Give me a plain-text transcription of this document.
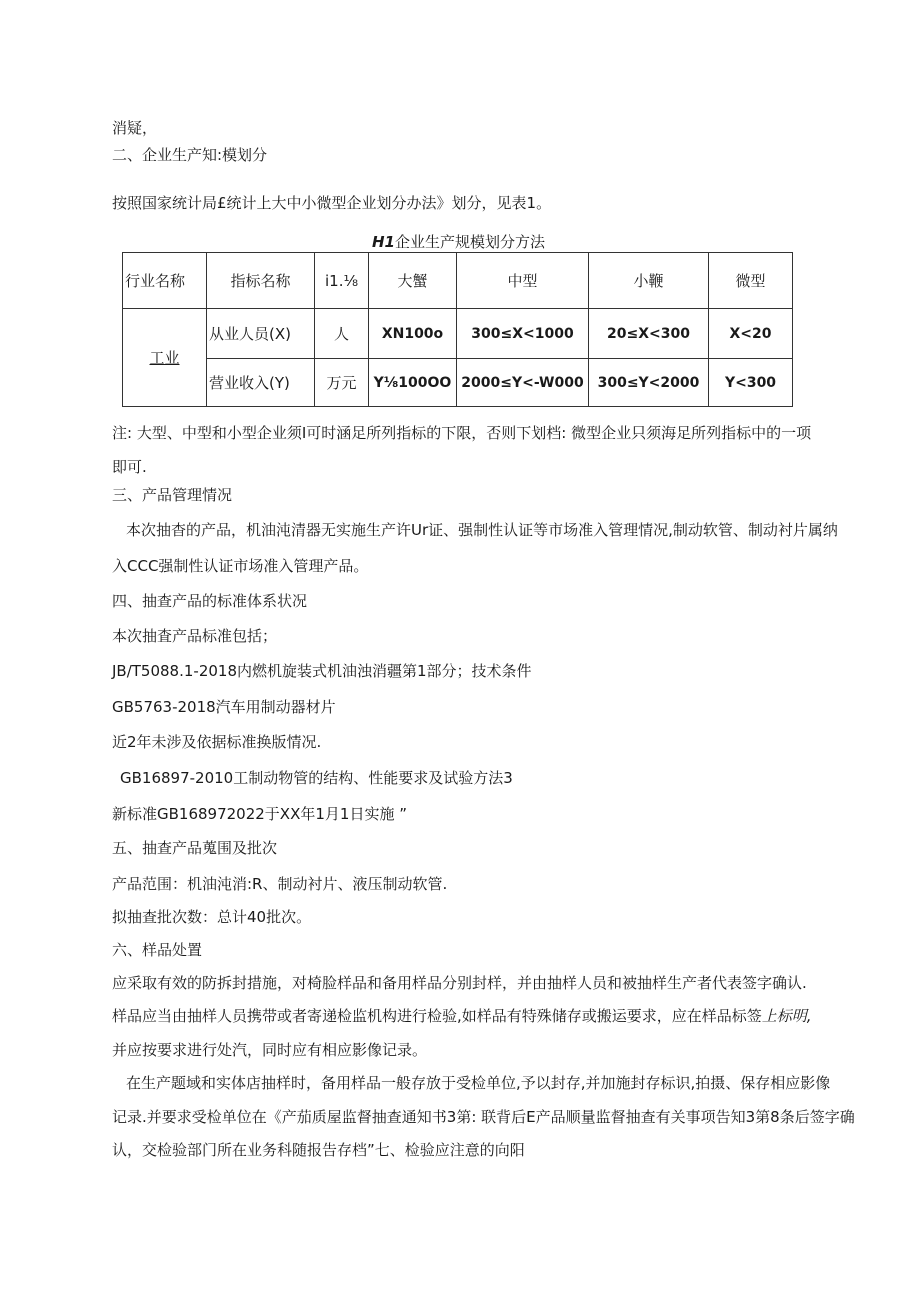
消疑，
二、企业生产知:模划分
按照国家统计局£统计上大中小微型企业划分办法》划分，见表1。
H1企业生产规模划分方法
行业名称	指标名称	i1.⅛	大蟹	中型	小鞭	微型
工业	从业人员(X)	人	XN100o	300≤X<1000	20≤X<300	X<20
	营业收入(Y)	万元	Y⅛100OO	2000≤Y<-W000	300≤Y<2000	Y<300
注: 大型、中型和小型企业须I可时涵足所列指标的下限，否则下划档: 微型企业只须海足所列指标中的一项
即可.
三、产品管理情况
本次抽杳的产品，机油沌清器无实施生产许Ur证、强制性认证等市场准入管理情况,制动软管、制动衬片属纳
入CCC强制性认证市场准入管理产品。
四、抽查产品的标准体系状况
本次抽査产品标准包括；
JB/T5088.1-2018内燃机旋装式机油浊消疆第1部分；技术条件
GB5763-2018汽车用制动器材片
近2年未涉及依据标准换版情况.
GB16897-2010工制动物管的结构、性能要求及试验方法3
新标准GB168972022于XX年1月1日实施 ”
五、抽查产品蒐围及批次
产品范围：机油沌消:R、制动衬片、液压制动软管.
拟抽查批次数：总计40批次。
六、样品处置
应采取有效的防拆封措施，对椅脸样品和备用样品分别封样，并由抽样人员和被抽样生产者代表签字确认.
样品应当由抽样人员携带或者寄递检监机构进行检验,如样品有特殊储存或搬运要求，应在样品标签上标明,
并应按要求进行处汽，同时应有相应影像记录。
在生产题域和实体店抽样时，备用样品一般存放于受检单位,予以封存,并加施封存标识,拍摄、保存相应影像
记录.并要求受检单位在《产茄质屋监督抽查通知书3第: 联背后E产品顺量监督抽查有关事项告知3第8条后签字确
认，交检验部门所在业务科随报告存档”七、检验应注意的向阳
